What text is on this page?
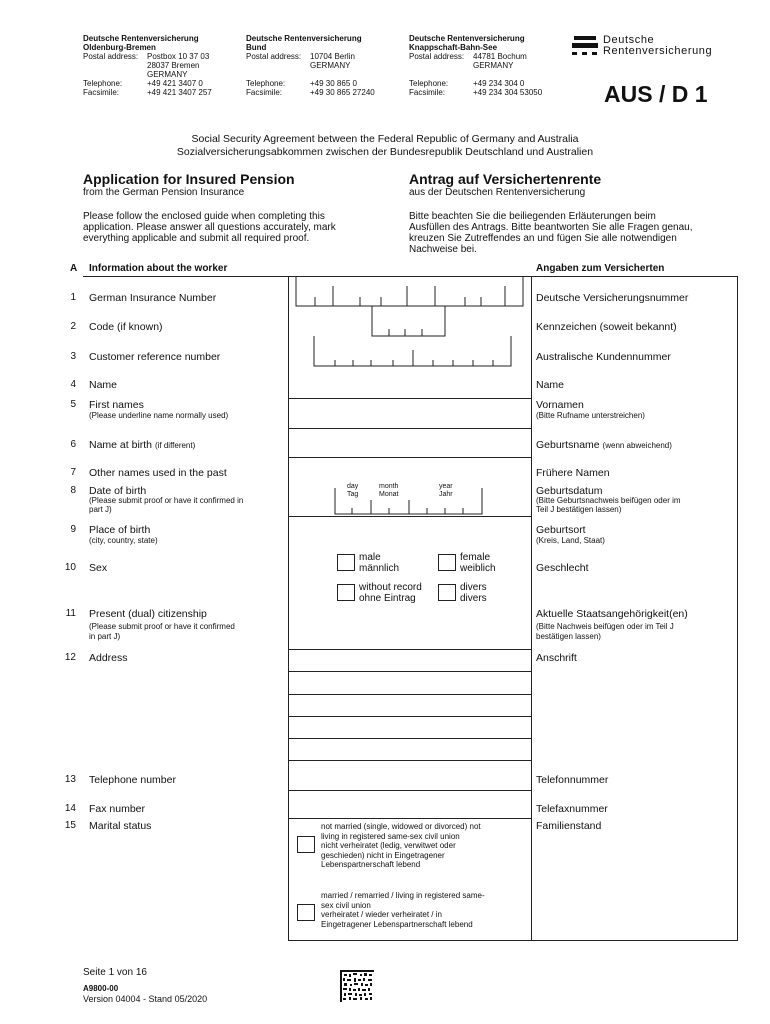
Deutsche Rentenversicherung
Oldenburg-Bremen
Postal address:	Postbox 10 37 03
28037 Bremen
GERMANY
Telephone:	+49 421 3407 0
Facsimile:	+49 421 3407 257
Deutsche Rentenversicherung
Bund
Postal address:	10704 Berlin
GERMANY

Telephone:	+49 30 865 0
Facsimile:	+49 30 865 27240
Deutsche Rentenversicherung
Knappschaft-Bahn-See
Postal address:	44781 Bochum
GERMANY

Telephone:	+49 234 304 0
Facsimile:	+49 234 304 53050
Deutsche
Rentenversicherung
AUS / D 1
Social Security Agreement between the Federal Republic of Germany and Australia
Sozialversicherungsabkommen zwischen der Bundesrepublik Deutschland und Australien
Application for Insured Pension
from the German Pension Insurance
Antrag auf Versichertenrente
aus der Deutschen Rentenversicherung
Please follow the enclosed guide when completing this
application. Please answer all questions accurately, mark
everything applicable and submit all required proof.
Bitte beachten Sie die beiliegenden Erläuterungen beim
Ausfüllen des Antrags. Bitte beantworten Sie alle Fragen genau,
kreuzen Sie Zutreffendes an und fügen Sie alle notwendigen
Nachweise bei.
A Information about the worker	Angaben zum Versicherten
1 German Insurance Number	Deutsche Versicherungsnummer
2 Code (if known)	Kennzeichen (soweit bekannt)
3 Customer reference number	Australische Kundennummer
4 Name	Name
5 First names
(Please underline name normally used)
Vornamen
(Bitte Rufname unterstreichen)
6 Name at birth (if different)	Geburtsname (wenn abweichend)
7 Other names used in the past	Frühere Namen
8 Date of birth
(Please submit proof or have it confirmed in
part J)
Geburtsdatum
(Bitte Geburtsnachweis beifügen oder im
Teil J bestätigen lassen)
day
Tag
month
Monat
year
Jahr
9 Place of birth
(city, country, state)
Geburtsort
(Kreis, Land, Staat)
10 Sex	Geschlecht
male
männlich
female
weiblich
without record
ohne Eintrag
divers
divers
11 Present (dual) citizenship
(Please submit proof or have it confirmed
in part J)
Aktuelle Staatsangehörigkeit(en)
(Bitte Nachweis beifügen oder im Teil J
bestätigen lassen)
12 Address	Anschrift
13 Telephone number	Telefonnummer
14 Fax number	Telefaxnummer
15 Marital status	Familienstand
not married (single, widowed or divorced) not
living in registered same-sex civil union
nicht verheiratet (ledig, verwitwet oder
geschieden) nicht in Eingetragener
Lebenspartnerschaft lebend
married / remarried / living in registered same-
sex civil union
verheiratet / wieder verheiratet / in
Eingetragener Lebenspartnerschaft lebend
Seite 1 von 16
A9800-00
Version 04004 - Stand 05/2020
